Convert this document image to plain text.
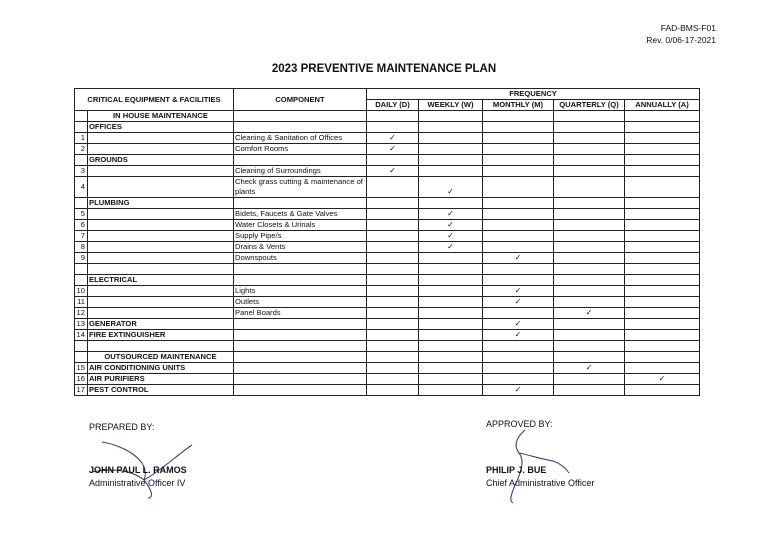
FAD-BMS-F01
Rev. 0/06-17-2021
2023 PREVENTIVE MAINTENANCE PLAN
CRITICAL EQUIPMENT & FACILITIES		COMPONENT	FREQUENCY				
			DAILY (D)	WEEKLY (W)	MONTHLY (M)	QUARTERLY (Q)	ANNUALLY (A)
	IN HOUSE MAINTENANCE						
	OFFICES						
1		Cleaning & Sanitation of Offices	✓				
2		Comfort Rooms	✓				
	GROUNDS						
3		Cleaning of Surroundings	✓				
4		Check grass cutting & maintenance of plants		✓			
	PLUMBING						
5		Bidets, Faucets & Gate Valves		✓			
6		Water Closets & Urinals		✓			
7		Supply Pipe/s		✓			
8		Drains & Vents		✓			
9		Downspouts			✓		

	ELECTRICAL						
10		Lights			✓		
11		Outlets			✓		
12		Panel Boards				✓	
13	GENERATOR				✓		
14	FIRE EXTINGUISHER				✓		

	OUTSOURCED MAINTENANCE						
15	AIR CONDITIONING UNITS					✓	
16	AIR PURIFIERS						✓
17	PEST CONTROL				✓		
PREPARED BY:
JOHN PAUL L. RAMOS
Administrative Officer IV
APPROVED BY:
PHILIP J. BUE
Chief Administrative Officer
